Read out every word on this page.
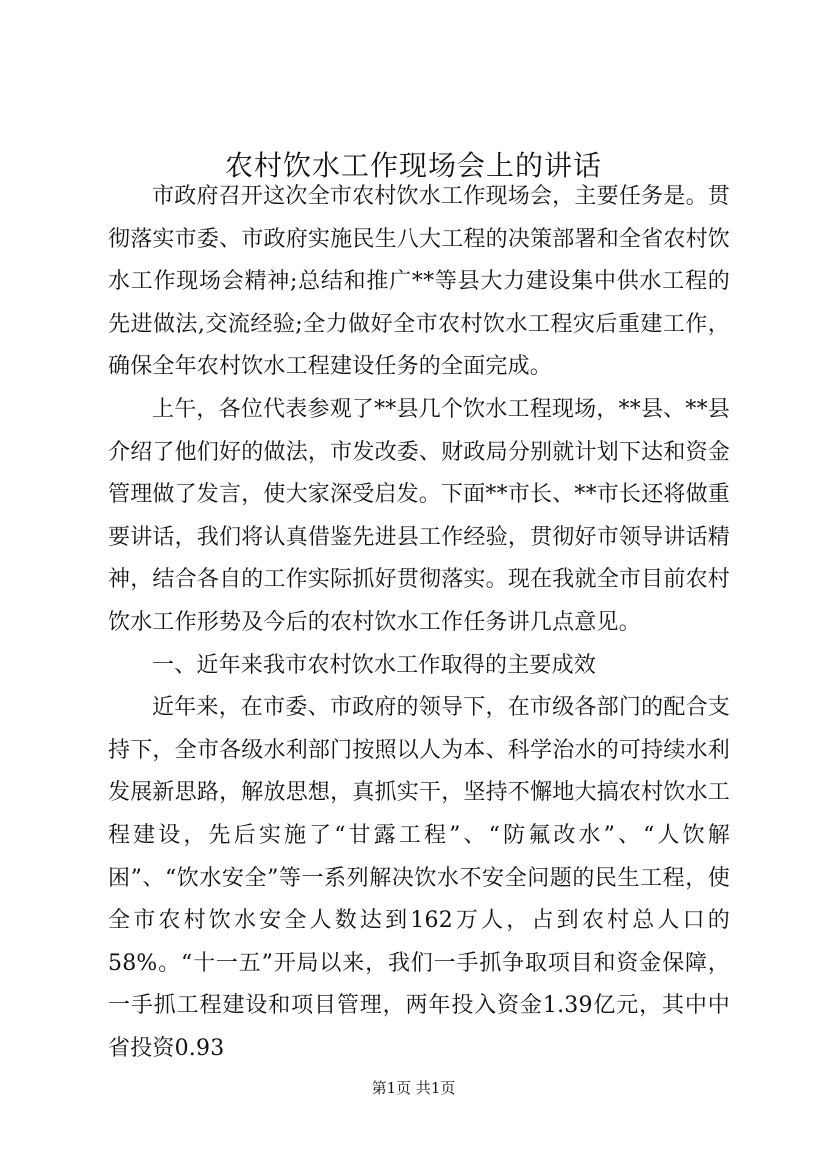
农村饮水工作现场会上的讲话

市政府召开这次全市农村饮水工作现场会，主要任务是。贯彻落实市委、市政府实施民生八大工程的决策部署和全省农村饮水工作现场会精神;总结和推广**等县大力建设集中供水工程的先进做法,交流经验;全力做好全市农村饮水工程灾后重建工作，确保全年农村饮水工程建设任务的全面完成。

上午，各位代表参观了**县几个饮水工程现场，**县、**县介绍了他们好的做法，市发改委、财政局分别就计划下达和资金管理做了发言，使大家深受启发。下面**市长、**市长还将做重要讲话，我们将认真借鉴先进县工作经验，贯彻好市领导讲话精神，结合各自的工作实际抓好贯彻落实。现在我就全市目前农村饮水工作形势及今后的农村饮水工作任务讲几点意见。

一、近年来我市农村饮水工作取得的主要成效

近年来，在市委、市政府的领导下，在市级各部门的配合支持下，全市各级水利部门按照以人为本、科学治水的可持续水利发展新思路，解放思想，真抓实干，坚持不懈地大搞农村饮水工程建设，先后实施了“甘露工程”、“防氟改水”、“人饮解困”、“饮水安全”等一系列解决饮水不安全问题的民生工程，使全市农村饮水安全人数达到162万人，占到农村总人口的58%。“十一五”开局以来，我们一手抓争取项目和资金保障，一手抓工程建设和项目管理，两年投入资金1.39亿元，其中中省投资0.93

第1页 共1页
